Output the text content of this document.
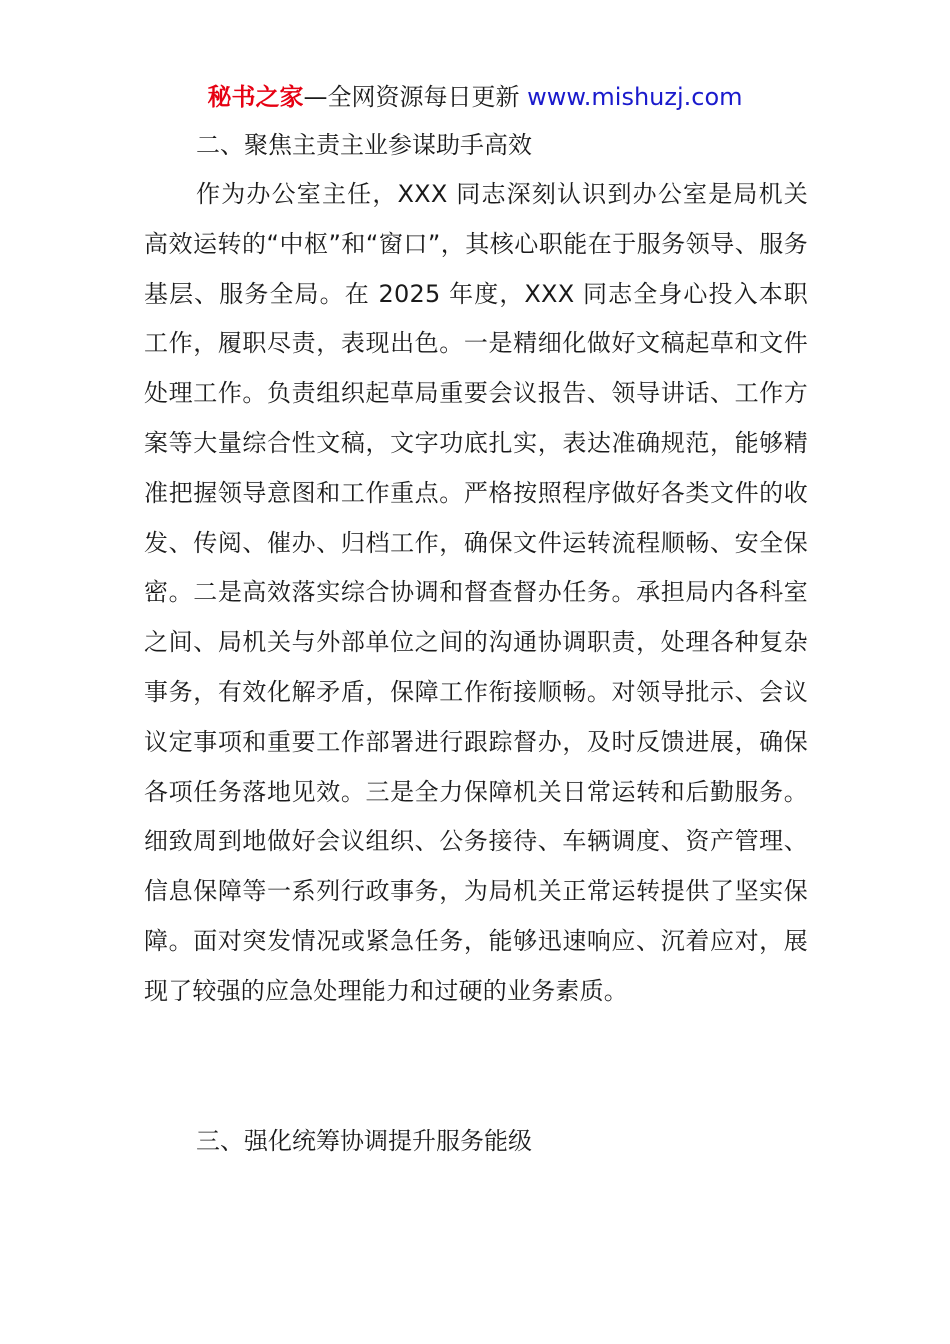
秘书之家—全网资源每日更新 www.mishuzj.com
二、聚焦主责主业参谋助手高效
作为办公室主任，XXX 同志深刻认识到办公室是局机关高效运转的“中枢”和“窗口”，其核心职能在于服务领导、服务基层、服务全局。在 2025 年度，XXX 同志全身心投入本职工作，履职尽责，表现出色。一是精细化做好文稿起草和文件处理工作。负责组织起草局重要会议报告、领导讲话、工作方案等大量综合性文稿，文字功底扎实，表达准确规范，能够精准把握领导意图和工作重点。严格按照程序做好各类文件的收发、传阅、催办、归档工作，确保文件运转流程顺畅、安全保密。二是高效落实综合协调和督查督办任务。承担局内各科室之间、局机关与外部单位之间的沟通协调职责，处理各种复杂事务，有效化解矛盾，保障工作衔接顺畅。对领导批示、会议议定事项和重要工作部署进行跟踪督办，及时反馈进展，确保各项任务落地见效。三是全力保障机关日常运转和后勤服务。细致周到地做好会议组织、公务接待、车辆调度、资产管理、信息保障等一系列行政事务，为局机关正常运转提供了坚实保障。面对突发情况或紧急任务，能够迅速响应、沉着应对，展现了较强的应急处理能力和过硬的业务素质。
三、强化统筹协调提升服务能级
